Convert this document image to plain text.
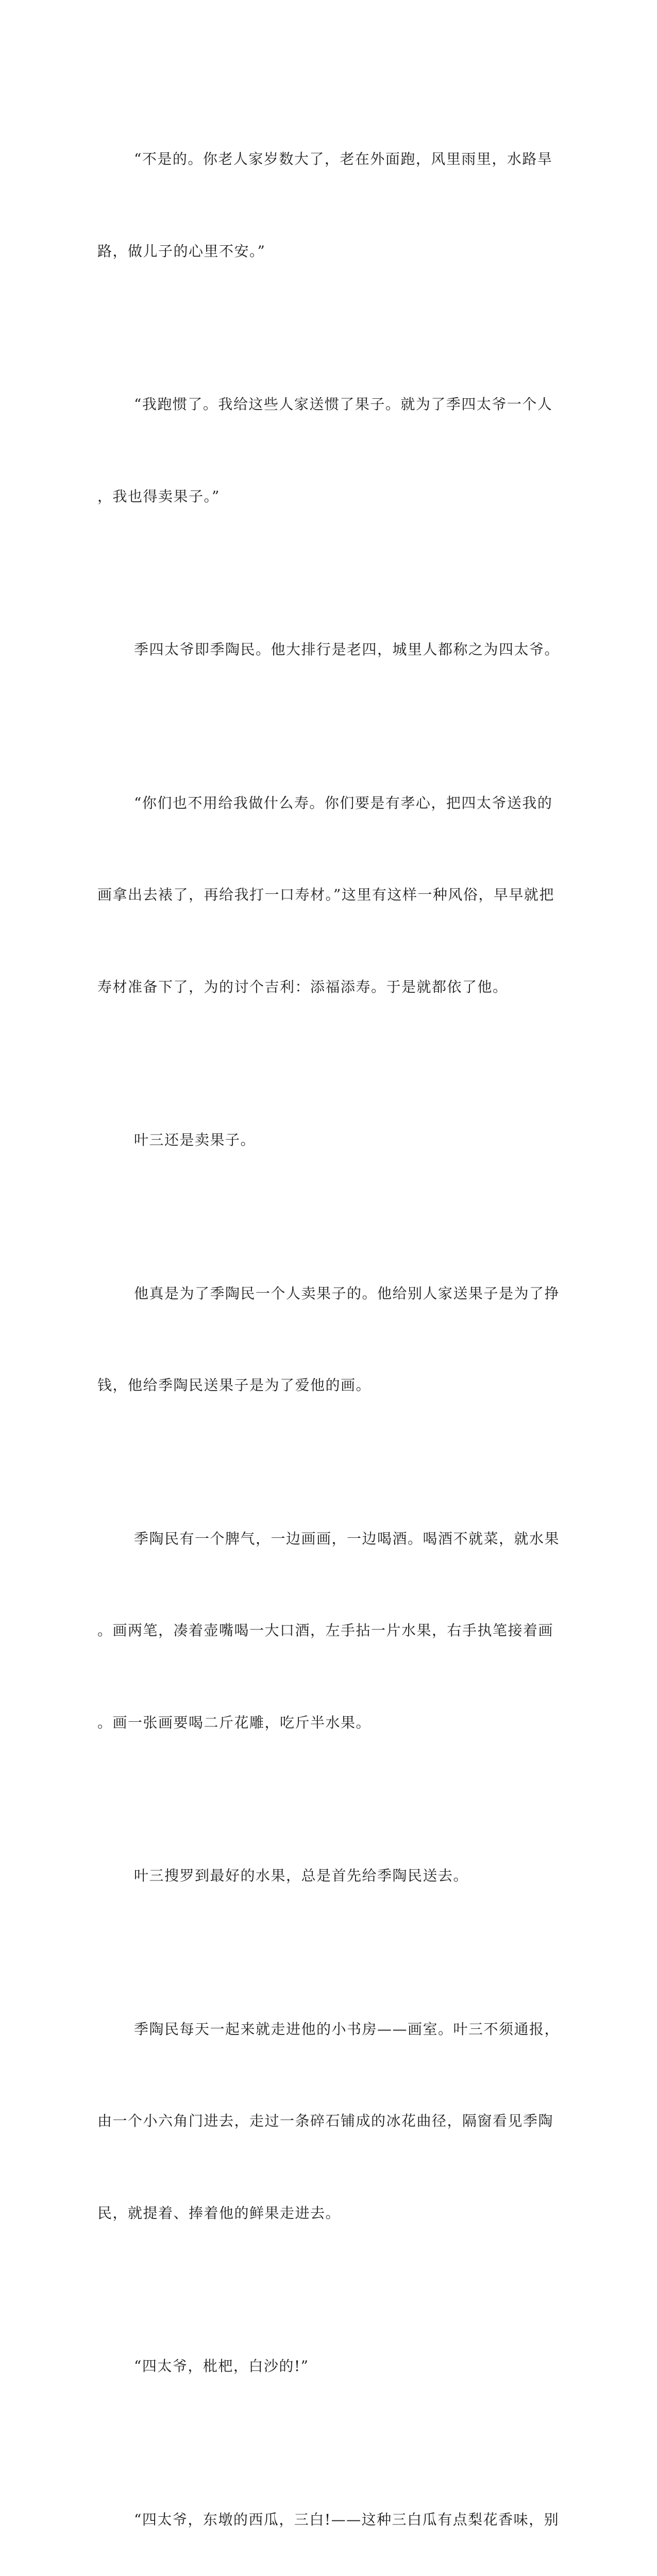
“不是的。你老人家岁数大了，老在外面跑，风里雨里，水路旱

路，做儿子的心里不安。”

“我跑惯了。我给这些人家送惯了果子。就为了季四太爷一个人

，我也得卖果子。”

季四太爷即季陶民。他大排行是老四，城里人都称之为四太爷。

“你们也不用给我做什么寿。你们要是有孝心，把四太爷送我的

画拿出去裱了，再给我打一口寿材。”这里有这样一种风俗，早早就把

寿材准备下了，为的讨个吉利：添福添寿。于是就都依了他。

叶三还是卖果子。

他真是为了季陶民一个人卖果子的。他给别人家送果子是为了挣

钱，他给季陶民送果子是为了爱他的画。

季陶民有一个脾气，一边画画，一边喝酒。喝酒不就菜，就水果

。画两笔，凑着壶嘴喝一大口酒，左手拈一片水果，右手执笔接着画

。画一张画要喝二斤花雕，吃斤半水果。

叶三搜罗到最好的水果，总是首先给季陶民送去。

季陶民每天一起来就走进他的小书房——画室。叶三不须通报，

由一个小六角门进去，走过一条碎石铺成的冰花曲径，隔窗看见季陶

民，就提着、捧着他的鲜果走进去。

“四太爷，枇杷，白沙的!”

“四太爷，东墩的西瓜，三白!——这种三白瓜有点梨花香味，别
